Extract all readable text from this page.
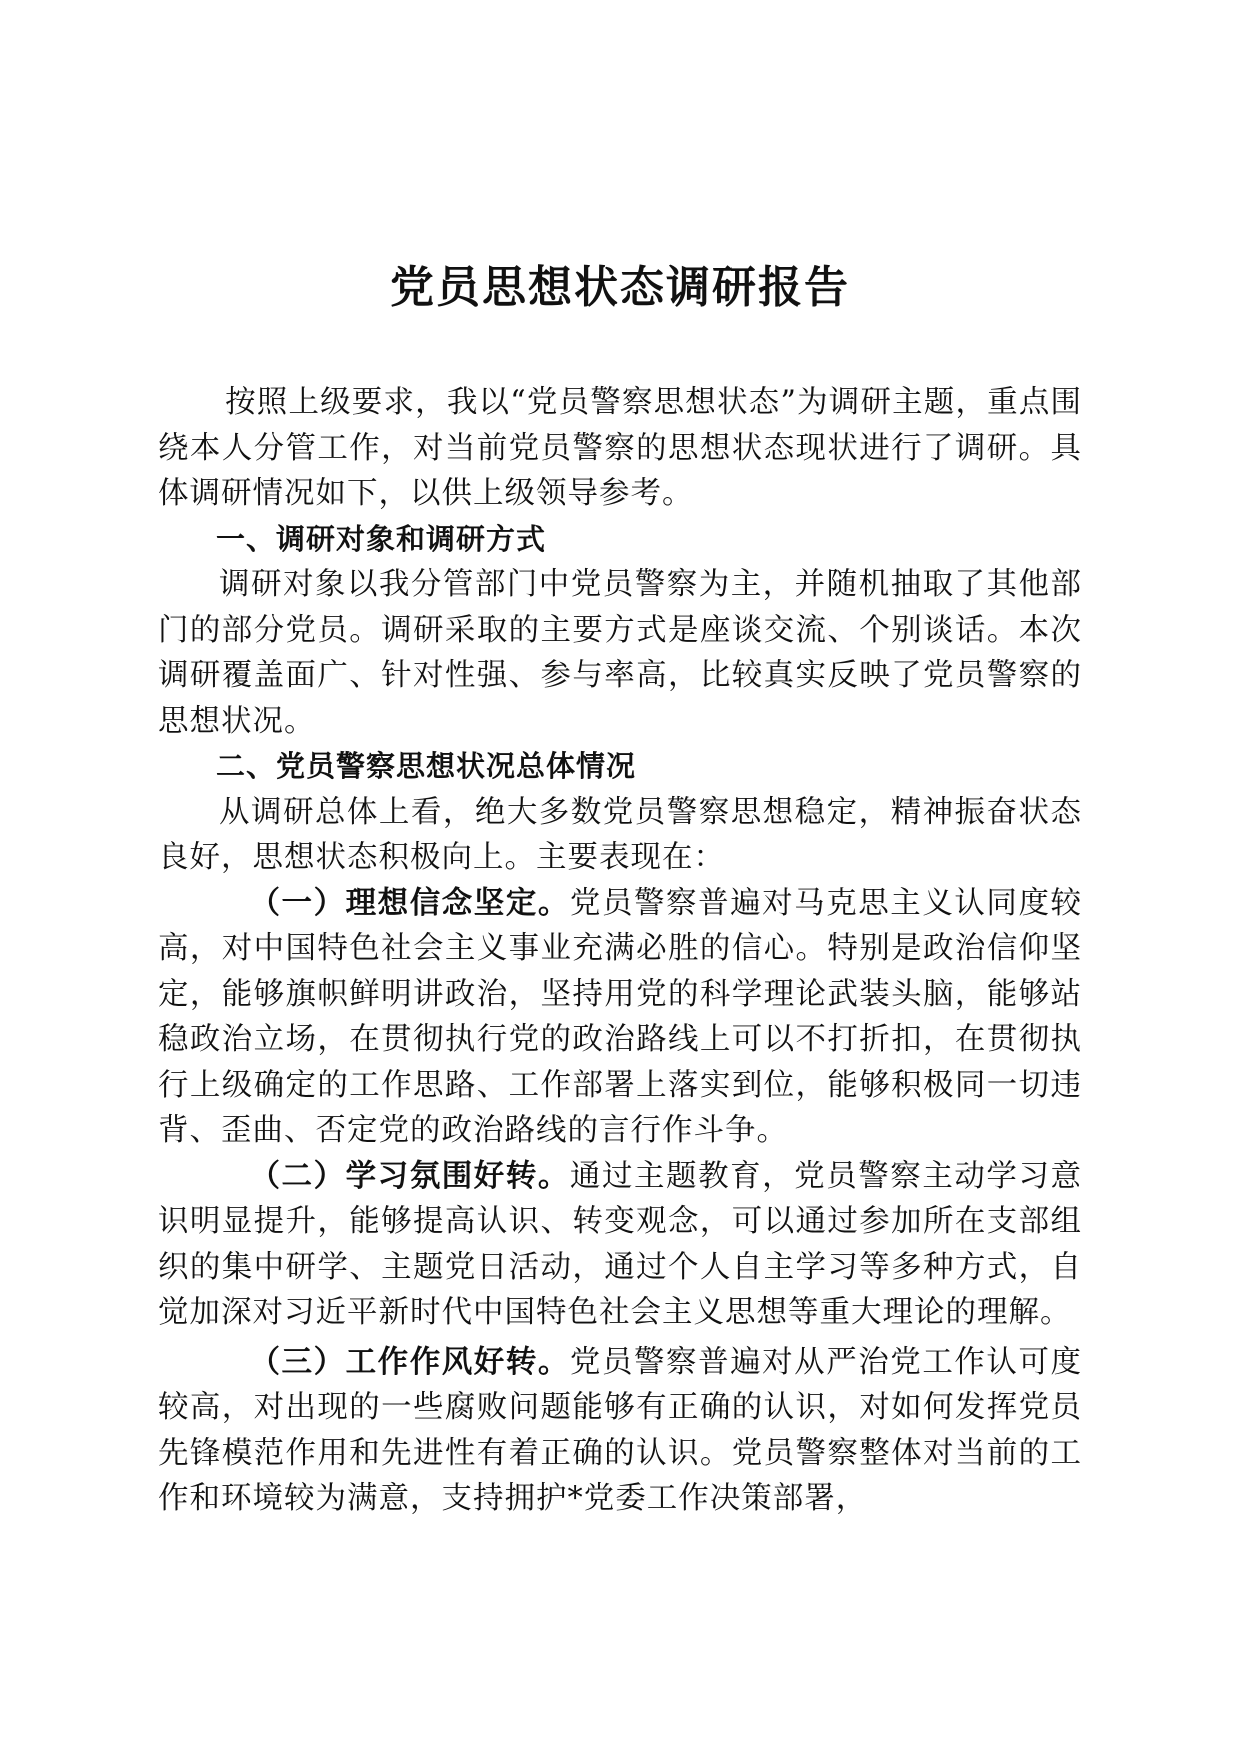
党员思想状态调研报告

按照上级要求，我以“党员警察思想状态”为调研主题，重点围绕本人分管工作，对当前党员警察的思想状态现状进行了调研。具体调研情况如下，以供上级领导参考。

一、调研对象和调研方式

调研对象以我分管部门中党员警察为主，并随机抽取了其他部门的部分党员。调研采取的主要方式是座谈交流、个别谈话。本次调研覆盖面广、针对性强、参与率高，比较真实反映了党员警察的思想状况。

二、党员警察思想状况总体情况

从调研总体上看，绝大多数党员警察思想稳定，精神振奋状态良好，思想状态积极向上。主要表现在：

（一）理想信念坚定。党员警察普遍对马克思主义认同度较高，对中国特色社会主义事业充满必胜的信心。特别是政治信仰坚定，能够旗帜鲜明讲政治，坚持用党的科学理论武装头脑，能够站稳政治立场，在贯彻执行党的政治路线上可以不打折扣，在贯彻执行上级确定的工作思路、工作部署上落实到位，能够积极同一切违背、歪曲、否定党的政治路线的言行作斗争。

（二）学习氛围好转。通过主题教育，党员警察主动学习意识明显提升，能够提高认识、转变观念，可以通过参加所在支部组织的集中研学、主题党日活动，通过个人自主学习等多种方式，自觉加深对习近平新时代中国特色社会主义思想等重大理论的理解。

（三）工作作风好转。党员警察普遍对从严治党工作认可度较高，对出现的一些腐败问题能够有正确的认识，对如何发挥党员先锋模范作用和先进性有着正确的认识。党员警察整体对当前的工作和环境较为满意，支持拥护*党委工作决策部署，
